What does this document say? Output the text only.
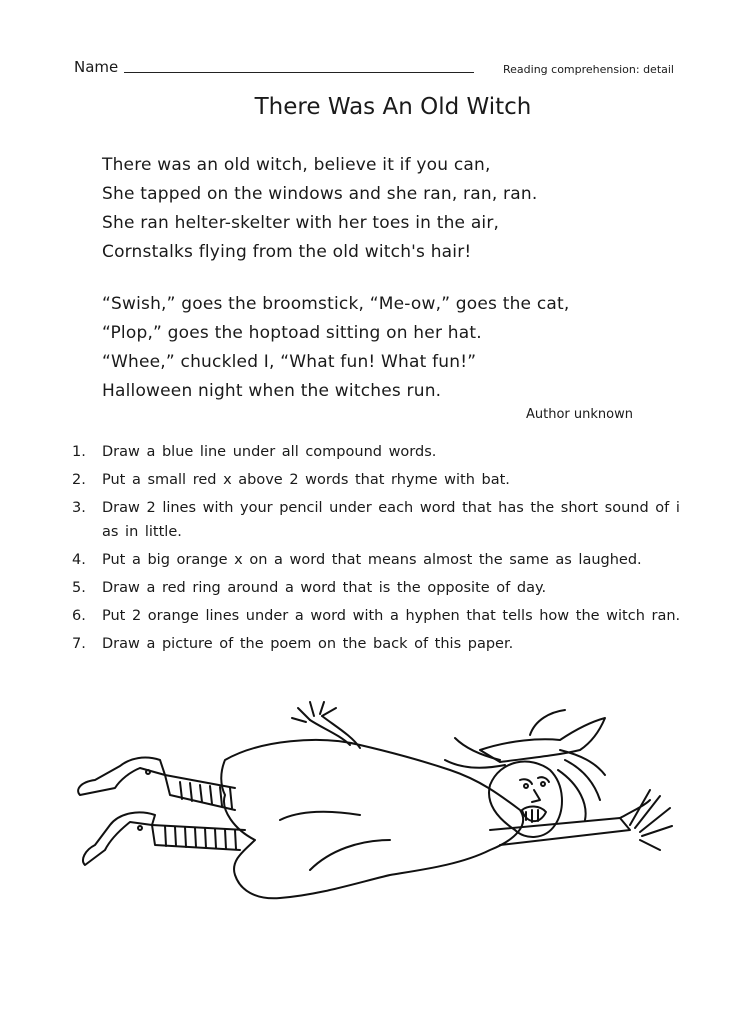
Name	Reading comprehension: detail
There Was An Old Witch
There was an old witch, believe it if you can,
She tapped on the windows and she ran, ran, ran.
She ran helter-skelter with her toes in the air,
Cornstalks flying from the old witch's hair!
“Swish,” goes the broomstick, “Me-ow,” goes the cat,
“Plop,” goes the hoptoad sitting on her hat.
“Whee,” chuckled I, “What fun! What fun!”
Halloween night when the witches run.
Author unknown
1.	Draw a blue line under all compound words.
2.	Put a small red x above 2 words that rhyme with bat.
3.	Draw 2 lines with your pencil under each word that has the short sound of i as in little.
4.	Put a big orange x on a word that means almost the same as laughed.
5.	Draw a red ring around a word that is the opposite of day.
6.	Put 2 orange lines under a word with a hyphen that tells how the witch ran.
7.	Draw a picture of the poem on the back of this paper.
